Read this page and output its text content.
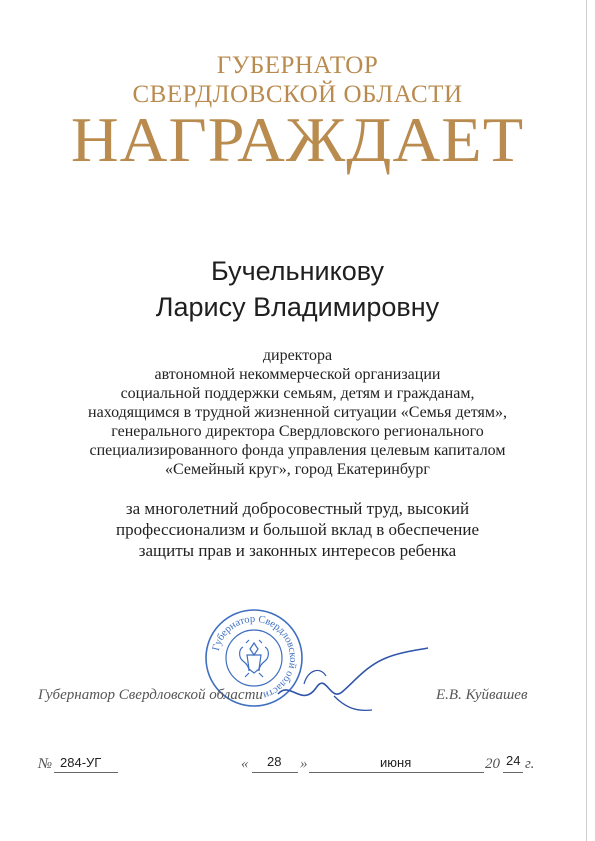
ГУБЕРНАТОР
СВЕРДЛОВСКОЙ ОБЛАСТИ
НАГРАЖДАЕТ
Бучельникову
Ларису Владимировну
директора
автономной некоммерческой организации
социальной поддержки семьям, детям и гражданам,
находящимся в трудной жизненной ситуации «Семья детям»,
генерального директора Свердловского регионального
специализированного фонда управления целевым капиталом
«Семейный круг», город Екатеринбург
за многолетний добросовестный труд, высокий
профессионализм и большой вклад в обеспечение
защиты прав и законных интересов ребенка
Губернатор Свердловской области
Губернатор Свердловской области	Е.В. Куйвашев
№ 284-УГ	« 28 »	июня	20 24 г.
